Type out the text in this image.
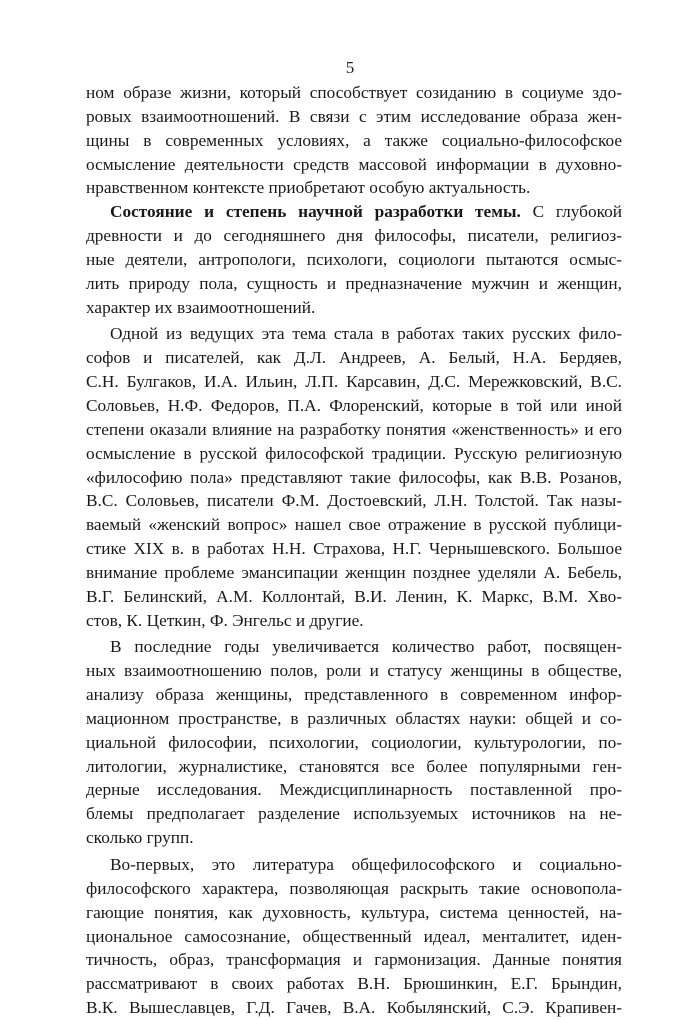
5
ном образе жизни, который способствует созиданию в социуме здо-
ровых взаимоотношений. В связи с этим исследование образа жен-
щины в современных условиях, а также социально-философское
осмысление деятельности средств массовой информации в духовно-
нравственном контексте приобретают особую актуальность.
Состояние и степень научной разработки темы. С глубокой
древности и до сегодняшнего дня философы, писатели, религиоз-
ные деятели, антропологи, психологи, социологи пытаются осмыс-
лить природу пола, сущность и предназначение мужчин и женщин,
характер их взаимоотношений.
Одной из ведущих эта тема стала в работах таких русских фило-
софов и писателей, как Д.Л. Андреев, А. Белый, Н.А. Бердяев,
С.Н. Булгаков, И.А. Ильин, Л.П. Карсавин, Д.С. Мережковский, В.С.
Соловьев, Н.Ф. Федоров, П.А. Флоренский, которые в той или иной
степени оказали влияние на разработку понятия «женственность» и его
осмысление в русской философской традиции. Русскую религиозную
«философию пола» представляют такие философы, как В.В. Розанов,
В.С. Соловьев, писатели Ф.М. Достоевский, Л.Н. Толстой. Так назы-
ваемый «женский вопрос» нашел свое отражение в русской публици-
стике XIX в. в работах Н.Н. Страхова, Н.Г. Чернышевского. Большое
внимание проблеме эмансипации женщин позднее уделяли А. Бебель,
В.Г. Белинский, А.М. Коллонтай, В.И. Ленин, К. Маркс, В.М. Хво-
стов, К. Цеткин, Ф. Энгельс и другие.
В последние годы увеличивается количество работ, посвящен-
ных взаимоотношению полов, роли и статусу женщины в обществе,
анализу образа женщины, представленного в современном инфор-
мационном пространстве, в различных областях науки: общей и со-
циальной философии, психологии, социологии, культурологии, по-
литологии, журналистике, становятся все более популярными ген-
дерные исследования. Междисциплинарность поставленной про-
блемы предполагает разделение используемых источников на не-
сколько групп.
Во-первых, это литература общефилософского и социально-
философского характера, позволяющая раскрыть такие основопола-
гающие понятия, как духовность, культура, система ценностей, на-
циональное самосознание, общественный идеал, менталитет, иден-
тичность, образ, трансформация и гармонизация. Данные понятия
рассматривают в своих работах В.Н. Брюшинкин, Е.Г. Брындин,
В.К. Вышеславцев, Г.Д. Гачев, В.А. Кобылянский, С.Э. Крапивен-
